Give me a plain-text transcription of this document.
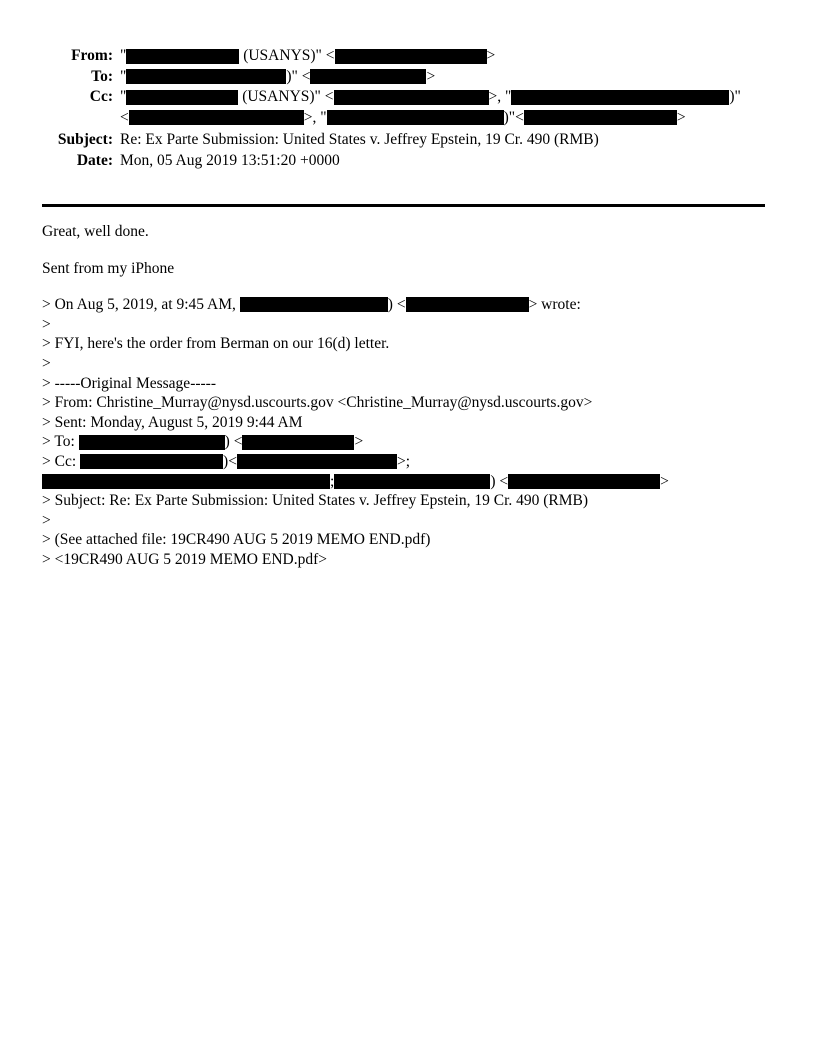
From: "	(USANYS)" <	>
To: "	)" <	>
Cc: "	(USANYS)" <	> , "	)"
<	> , "	)" <	>
Subject: Re: Ex Parte Submission: United States v. Jeffrey Epstein, 19 Cr. 490 (RMB)
Date: Mon, 05 Aug 2019 13:51:20 +0000
Great, well done.
Sent from my iPhone
> On Aug 5, 2019, at 9:45 AM,	) <	> wrote:
>
> FYI, here's the order from Berman on our 16(d) letter.
>
> -----Original Message-----
> From: Christine_Murray@nysd.uscourts.gov <Christine_Murray@nysd.uscourts.gov>
> Sent: Monday, August 5, 2019 9:44 AM
> To:	) <	>
> Cc:	) <	>;
;	) <	>
> Subject: Re: Ex Parte Submission: United States v. Jeffrey Epstein, 19 Cr. 490 (RMB)
>
> (See attached file: 19CR490 AUG 5 2019 MEMO END.pdf)
> <19CR490 AUG 5 2019 MEMO END.pdf>
